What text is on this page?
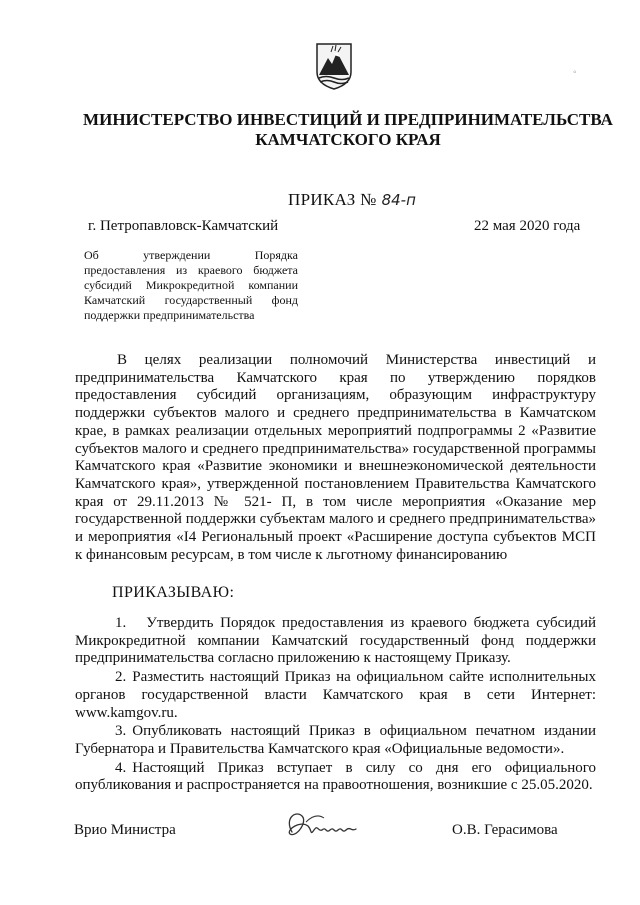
◦
МИНИСТЕРСТВО ИНВЕСТИЦИЙ И ПРЕДПРИНИМАТЕЛЬСТВА
КАМЧАТСКОГО КРАЯ
ПРИКАЗ № 84-п
г. Петропавловск-Камчатский	22 мая 2020 года
Об утверждении Порядка предоставления из краевого бюджета субсидий Микрокредитной компании Камчатский государственный фонд поддержки предпринимательства

В целях реализации полномочий Министерства инвестиций и предпринимательства Камчатского края по утверждению порядков предоставления субсидий организациям, образующим инфраструктуру поддержки субъектов малого и среднего предпринимательства в Камчатском крае, в рамках реализации отдельных мероприятий подпрограммы 2 «Развитие субъектов малого и среднего предпринимательства» государственной программы Камчатского края «Развитие экономики и внешнеэкономической деятельности Камчатского края», утвержденной постановлением Правительства Камчатского края от 29.11.2013 № 521- П, в том числе мероприятия «Оказание мер государственной поддержки субъектам малого и среднего предпринимательства» и мероприятия «I4 Региональный проект «Расширение доступа субъектов МСП к финансовым ресурсам, в том числе к льготному финансированию

ПРИКАЗЫВАЮ:

1. Утвердить Порядок предоставления из краевого бюджета субсидий Микрокредитной компании Камчатский государственный фонд поддержки предпринимательства согласно приложению к настоящему Приказу.

2. Разместить настоящий Приказ на официальном сайте исполнительных органов государственной власти Камчатского края в сети Интернет: www.kamgov.ru.

3. Опубликовать настоящий Приказ в официальном печатном издании Губернатора и Правительства Камчатского края «Официальные ведомости».

4. Настоящий Приказ вступает в силу со дня его официального опубликования и распространяется на правоотношения, возникшие с 25.05.2020.

Врио Министра	О.В. Герасимова
